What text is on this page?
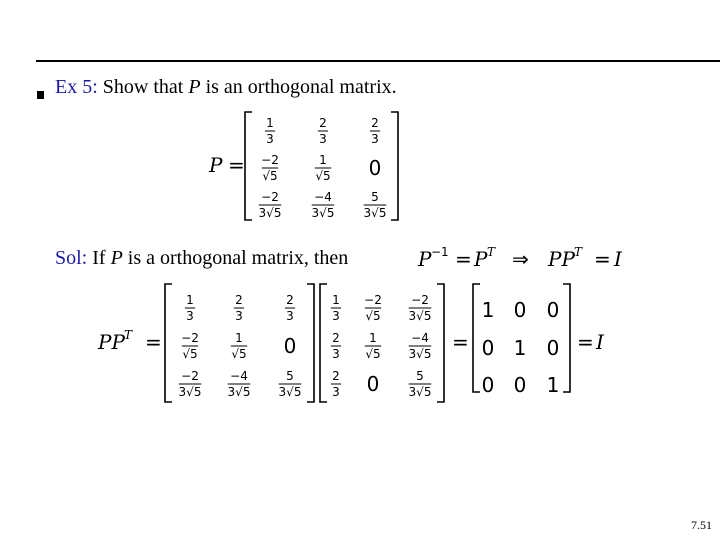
Ex 5: Show that P is an orthogonal matrix.
Sol: If P is a orthogonal matrix, then
P =
1
3
2
3
2
3
−2
√5
1
√5 0
−2
3√5
−4
3√5
5
3√5
P −1 = P T ⇒ PP T = I
PP T =
1
3
2
3
2
3
−2
√5
1
√5 0
−2
3√5
−4
3√5
5
3√5
1
3
−2
√5
−2
3√5
2
3
1
√5
−4
3√5
2
3 0	5
3√5
=
1 0 0
0 1 0
0 0 1
= I
7.51
